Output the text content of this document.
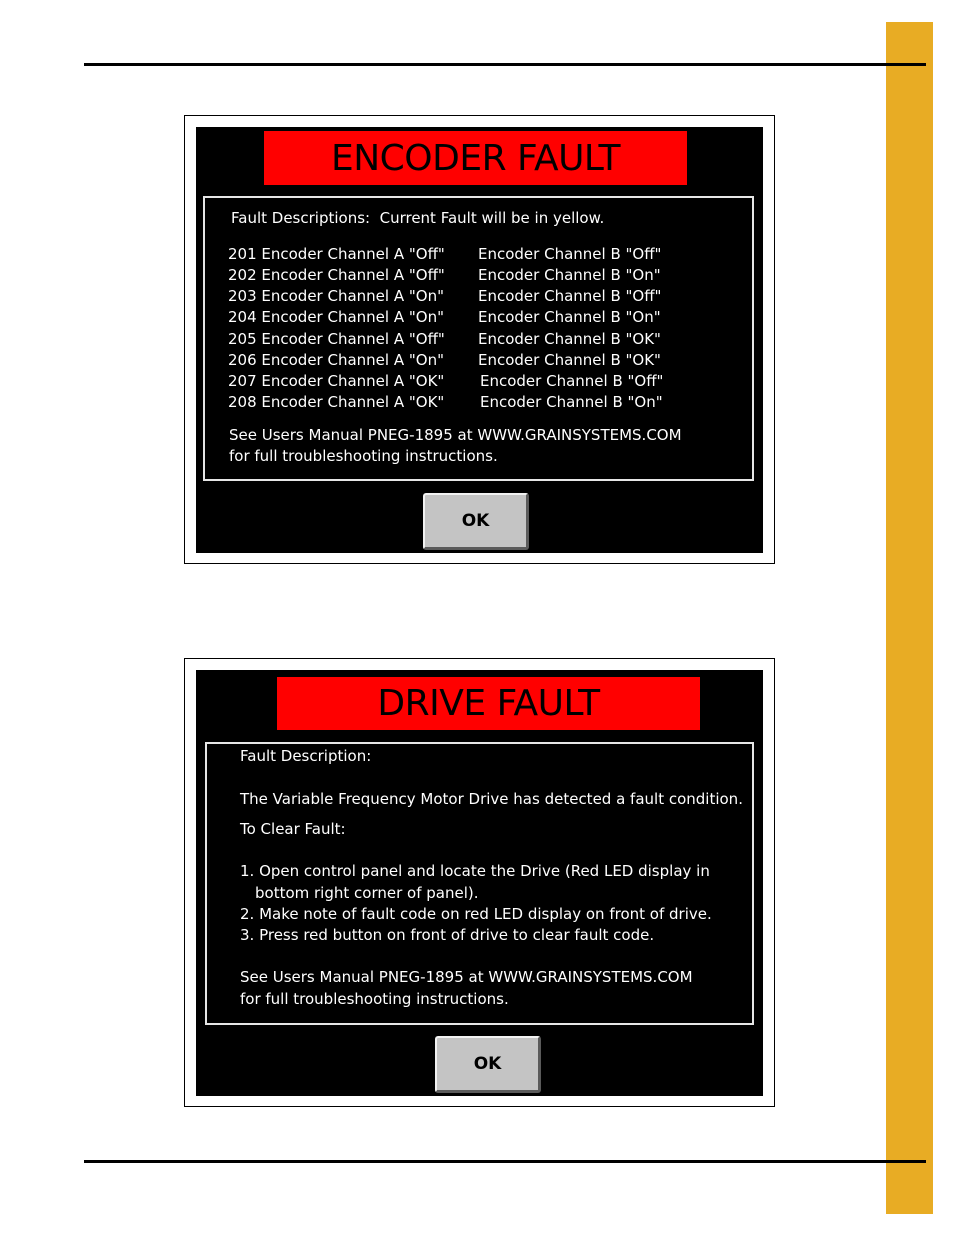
ENCODER FAULT
Fault Descriptions:  Current Fault will be in yellow.
201 Encoder Channel A "Off" Encoder Channel B "Off"
202 Encoder Channel A "Off" Encoder Channel B "On"
203 Encoder Channel A "On" Encoder Channel B "Off"
204 Encoder Channel A "On" Encoder Channel B "On"
205 Encoder Channel A "Off" Encoder Channel B "OK"
206 Encoder Channel A "On" Encoder Channel B "OK"
207 Encoder Channel A "OK" Encoder Channel B "Off"
208 Encoder Channel A "OK" Encoder Channel B "On"
See Users Manual PNEG-1895 at WWW.GRAINSYSTEMS.COM
for full troubleshooting instructions.
OK
DRIVE FAULT
Fault Description:
The Variable Frequency Motor Drive has detected a fault condition.
To Clear Fault:
1. Open control panel and locate the Drive (Red LED display in
bottom right corner of panel).
2. Make note of fault code on red LED display on front of drive.
3. Press red button on front of drive to clear fault code.
See Users Manual PNEG-1895 at WWW.GRAINSYSTEMS.COM
for full troubleshooting instructions.
OK
